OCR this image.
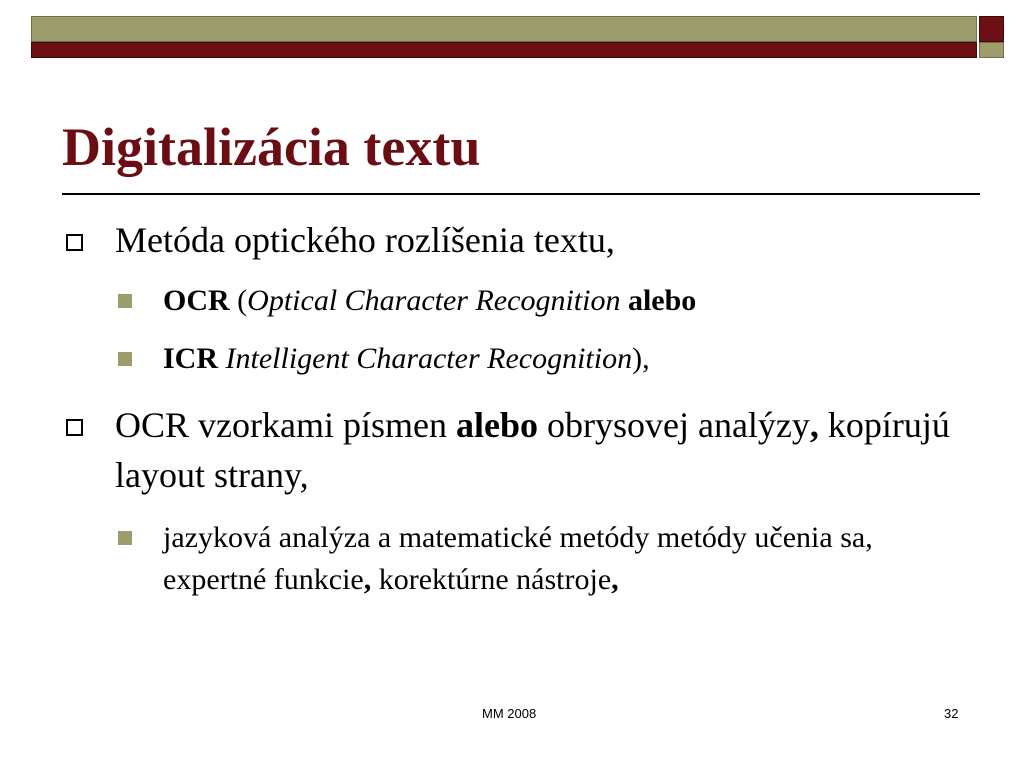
Digitalizácia textu
Metóda optického rozlíšenia textu,
OCR (Optical Character Recognition alebo
ICR Intelligent Character Recognition),
OCR vzorkami písmen alebo obrysovej analýzy, kopírujú layout strany,
jazyková analýza a matematické metódy metódy učenia sa, expertné funkcie, korektúrne nástroje,
MM 2008	32
